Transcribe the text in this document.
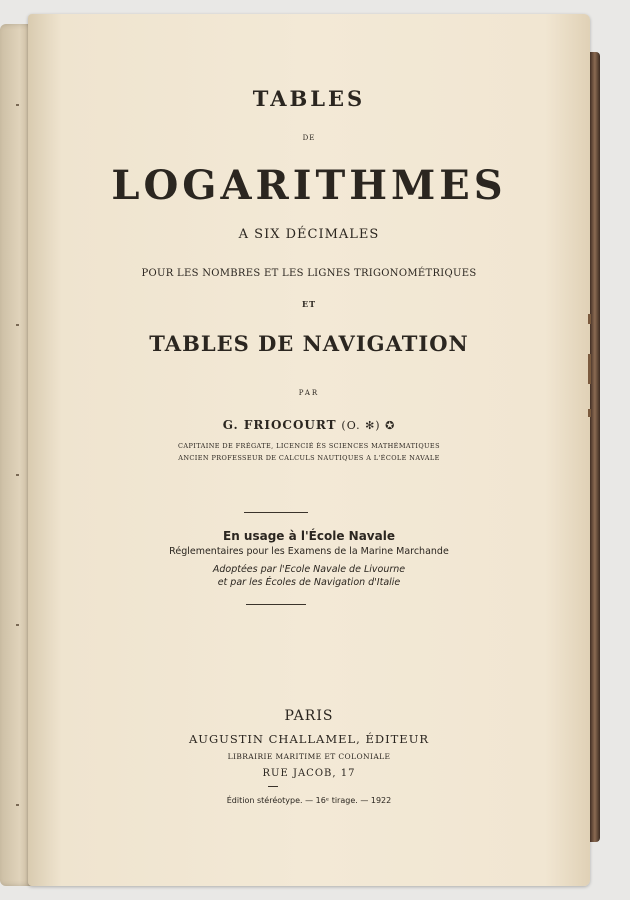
TABLES
DE
LOGARITHMES
A SIX DÉCIMALES
POUR LES NOMBRES ET LES LIGNES TRIGONOMÉTRIQUES
ET
TABLES DE NAVIGATION
PAR
G. FRIOCOURT (O. ✻) ✪
CAPITAINE DE FRÉGATE, LICENCIÉ ÈS SCIENCES MATHÉMATIQUES
ANCIEN PROFESSEUR DE CALCULS NAUTIQUES A L'ÉCOLE NAVALE
En usage à l'École Navale
Réglementaires pour les Examens de la Marine Marchande
Adoptées par l'Ecole Navale de Livourne
et par les Écoles de Navigation d'Italie
PARIS
AUGUSTIN CHALLAMEL, ÉDITEUR
LIBRAIRIE MARITIME ET COLONIALE
RUE JACOB, 17
Édition stéréotype. — 16ᵉ tirage. — 1922
